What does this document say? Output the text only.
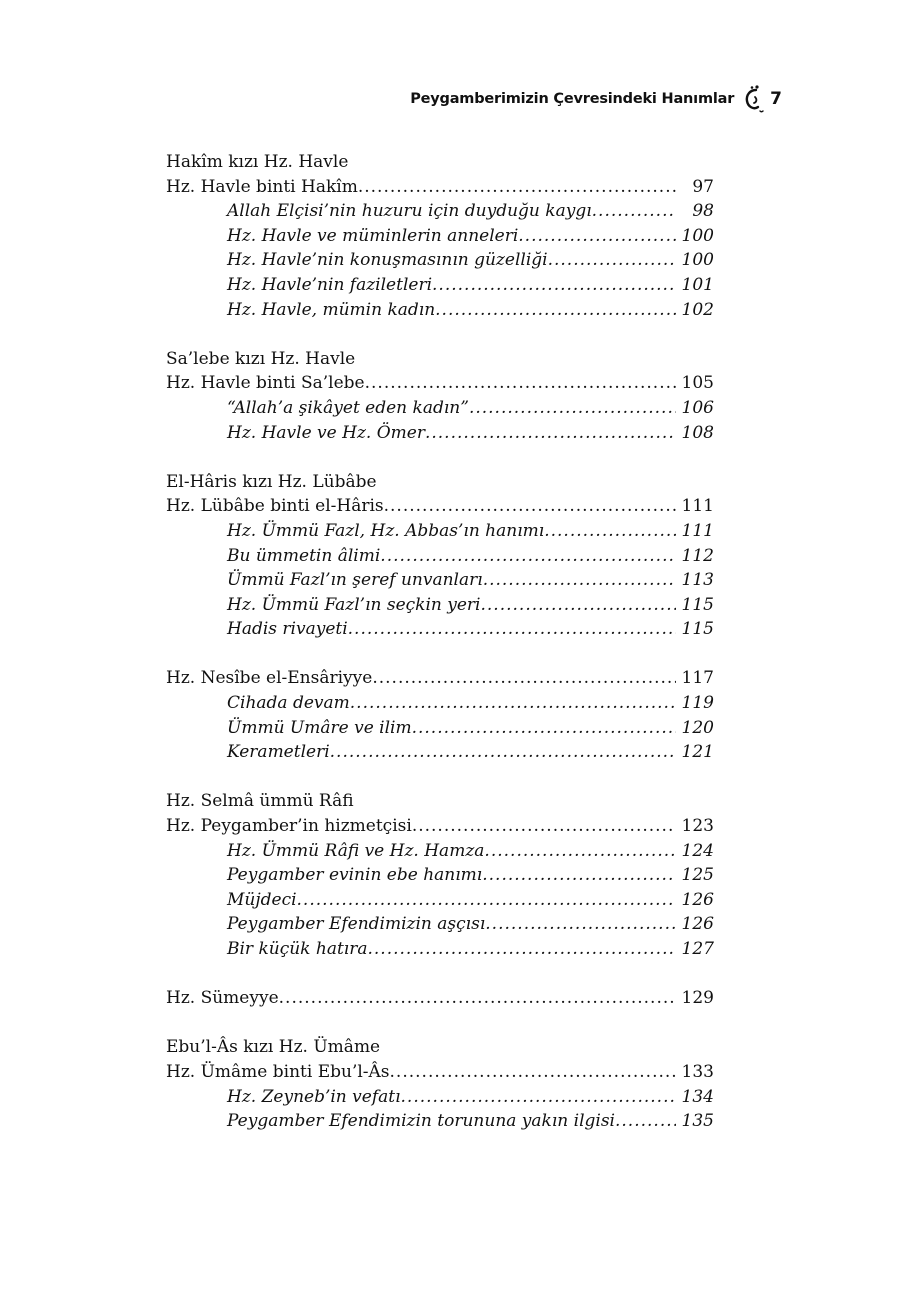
Peygamberimizin Çevresindeki Hanımlar 7
Hakîm kızı Hz. Havle
Hz. Havle binti Hakîm .....	97
Allah Elçisi’nin huzuru için duyduğu kaygı .....	98
Hz. Havle ve müminlerin anneleri .....	100
Hz. Havle’nin konuşmasının güzelliği .....	100
Hz. Havle’nin faziletleri .....	101
Hz. Havle, mümin kadın .....	102
Sa’lebe kızı Hz. Havle
Hz. Havle binti Sa’lebe .....	105
“Allah’a şikâyet eden kadın” .....	106
Hz. Havle ve Hz. Ömer .....	108
El-Hâris kızı Hz. Lübâbe
Hz. Lübâbe binti el-Hâris .....	111
Hz. Ümmü Fazl, Hz. Abbas’ın hanımı .....	111
Bu ümmetin âlimi .....	112
Ümmü Fazl’ın şeref unvanları .....	113
Hz. Ümmü Fazl’ın seçkin yeri .....	115
Hadis rivayeti .....	115
Hz. Nesîbe el-Ensâriyye .....	117
Cihada devam .....	119
Ümmü Umâre ve ilim .....	120
Kerametleri .....	121
Hz. Selmâ ümmü Râfi
Hz. Peygamber’in hizmetçisi .....	123
Hz. Ümmü Râfi ve Hz. Hamza .....	124
Peygamber evinin ebe hanımı .....	125
Müjdeci .....	126
Peygamber Efendimizin aşçısı .....	126
Bir küçük hatıra .....	127
Hz. Sümeyye .....	129
Ebu’l-Âs kızı Hz. Ümâme
Hz. Ümâme binti Ebu’l-Âs .....	133
Hz. Zeyneb’in vefatı .....	134
Peygamber Efendimizin torununa yakın ilgisi .....	135
